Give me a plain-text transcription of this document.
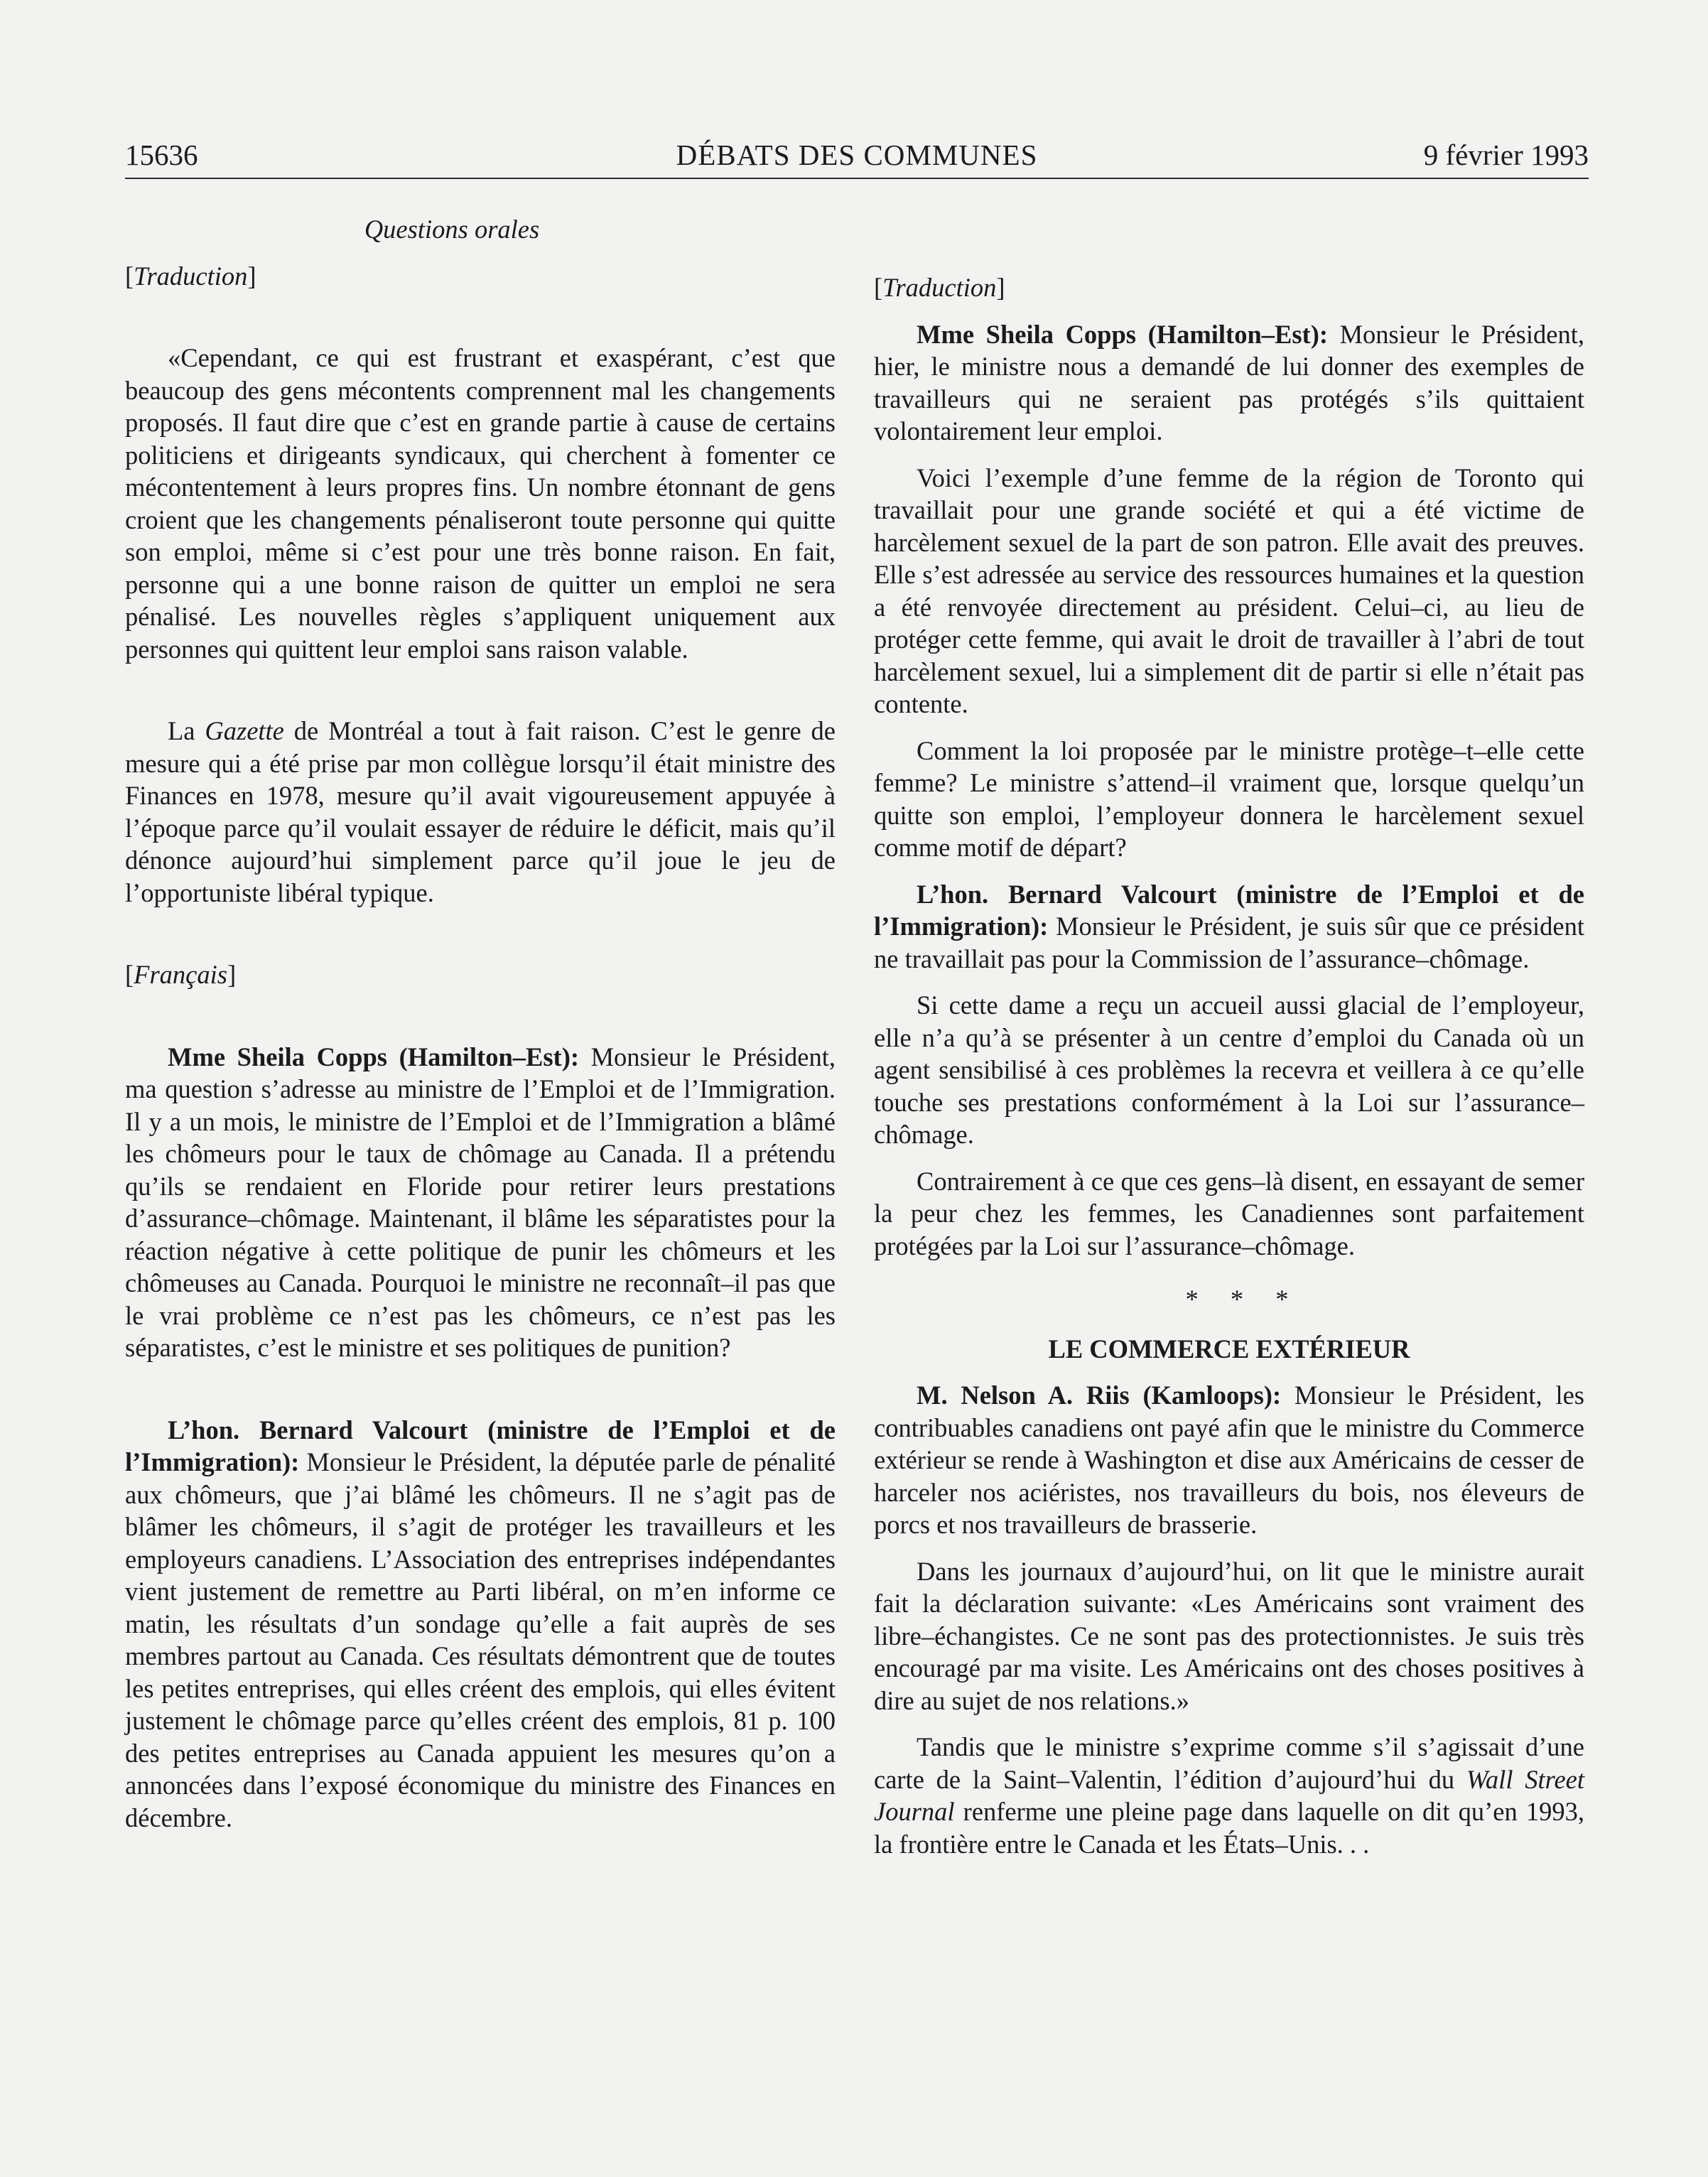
15636	DÉBATS DES COMMUNES	9 février 1993
Questions orales
[Traduction]

«Cependant, ce qui est frustrant et exaspérant, c’est que beaucoup des gens mécontents comprennent mal les changements proposés. Il faut dire que c’est en grande partie à cause de certains politiciens et dirigeants syndicaux, qui cherchent à fomenter ce mécontentement à leurs propres fins. Un nombre étonnant de gens croient que les changements pénaliseront toute personne qui quitte son emploi, même si c’est pour une très bonne raison. En fait, personne qui a une bonne raison de quitter un emploi ne sera pénalisé. Les nouvelles règles s’appliquent uniquement aux personnes qui quittent leur emploi sans raison valable.

La Gazette de Montréal a tout à fait raison. C’est le genre de mesure qui a été prise par mon collègue lorsqu’il était ministre des Finances en 1978, mesure qu’il avait vigoureusement appuyée à l’époque parce qu’il voulait essayer de réduire le déficit, mais qu’il dénonce aujourd’hui simplement parce qu’il joue le jeu de l’opportuniste libéral typique.

[Français]

Mme Sheila Copps (Hamilton–Est): Monsieur le Président, ma question s’adresse au ministre de l’Emploi et de l’Immigration. Il y a un mois, le ministre de l’Emploi et de l’Immigration a blâmé les chômeurs pour le taux de chômage au Canada. Il a prétendu qu’ils se rendaient en Floride pour retirer leurs prestations d’assurance–chômage. Maintenant, il blâme les séparatistes pour la réaction négative à cette politique de punir les chômeurs et les chômeuses au Canada. Pourquoi le ministre ne reconnaît–il pas que le vrai problème ce n’est pas les chômeurs, ce n’est pas les séparatistes, c’est le ministre et ses politiques de punition?

L’hon. Bernard Valcourt (ministre de l’Emploi et de l’Immigration): Monsieur le Président, la députée parle de pénalité aux chômeurs, que j’ai blâmé les chômeurs. Il ne s’agit pas de blâmer les chômeurs, il s’agit de protéger les travailleurs et les employeurs canadiens. L’Association des entreprises indépendantes vient justement de remettre au Parti libéral, on m’en informe ce matin, les résultats d’un sondage qu’elle a fait auprès de ses membres partout au Canada. Ces résultats démontrent que de toutes les petites entreprises, qui elles créent des emplois, qui elles évitent justement le chômage parce qu’elles créent des emplois, 81 p. 100 des petites entreprises au Canada appuient les mesures qu’on a annoncées dans l’exposé économique du ministre des Finances en décembre.

[Traduction]

Mme Sheila Copps (Hamilton–Est): Monsieur le Président, hier, le ministre nous a demandé de lui donner des exemples de travailleurs qui ne seraient pas protégés s’ils quittaient volontairement leur emploi.

Voici l’exemple d’une femme de la région de Toronto qui travaillait pour une grande société et qui a été victime de harcèlement sexuel de la part de son patron. Elle avait des preuves. Elle s’est adressée au service des ressources humaines et la question a été renvoyée directement au président. Celui–ci, au lieu de protéger cette femme, qui avait le droit de travailler à l’abri de tout harcèlement sexuel, lui a simplement dit de partir si elle n’était pas contente.

Comment la loi proposée par le ministre protège–t–elle cette femme? Le ministre s’attend–il vraiment que, lorsque quelqu’un quitte son emploi, l’employeur donnera le harcèlement sexuel comme motif de départ?

L’hon. Bernard Valcourt (ministre de l’Emploi et de l’Immigration): Monsieur le Président, je suis sûr que ce président ne travaillait pas pour la Commission de l’assurance–chômage.

Si cette dame a reçu un accueil aussi glacial de l’employeur, elle n’a qu’à se présenter à un centre d’emploi du Canada où un agent sensibilisé à ces problèmes la recevra et veillera à ce qu’elle touche ses prestations conformément à la Loi sur l’assurance–chômage.

Contrairement à ce que ces gens–là disent, en essayant de semer la peur chez les femmes, les Canadiennes sont parfaitement protégées par la Loi sur l’assurance–chômage.

* * *
LE COMMERCE EXTÉRIEUR

M. Nelson A. Riis (Kamloops): Monsieur le Président, les contribuables canadiens ont payé afin que le ministre du Commerce extérieur se rende à Washington et dise aux Américains de cesser de harceler nos aciéristes, nos travailleurs du bois, nos éleveurs de porcs et nos travailleurs de brasserie.

Dans les journaux d’aujourd’hui, on lit que le ministre aurait fait la déclaration suivante: «Les Américains sont vraiment des libre–échangistes. Ce ne sont pas des protectionnistes. Je suis très encouragé par ma visite. Les Américains ont des choses positives à dire au sujet de nos relations.»

Tandis que le ministre s’exprime comme s’il s’agissait d’une carte de la Saint–Valentin, l’édition d’aujourd’hui du Wall Street Journal renferme une pleine page dans laquelle on dit qu’en 1993, la frontière entre le Canada et les États–Unis. . .
